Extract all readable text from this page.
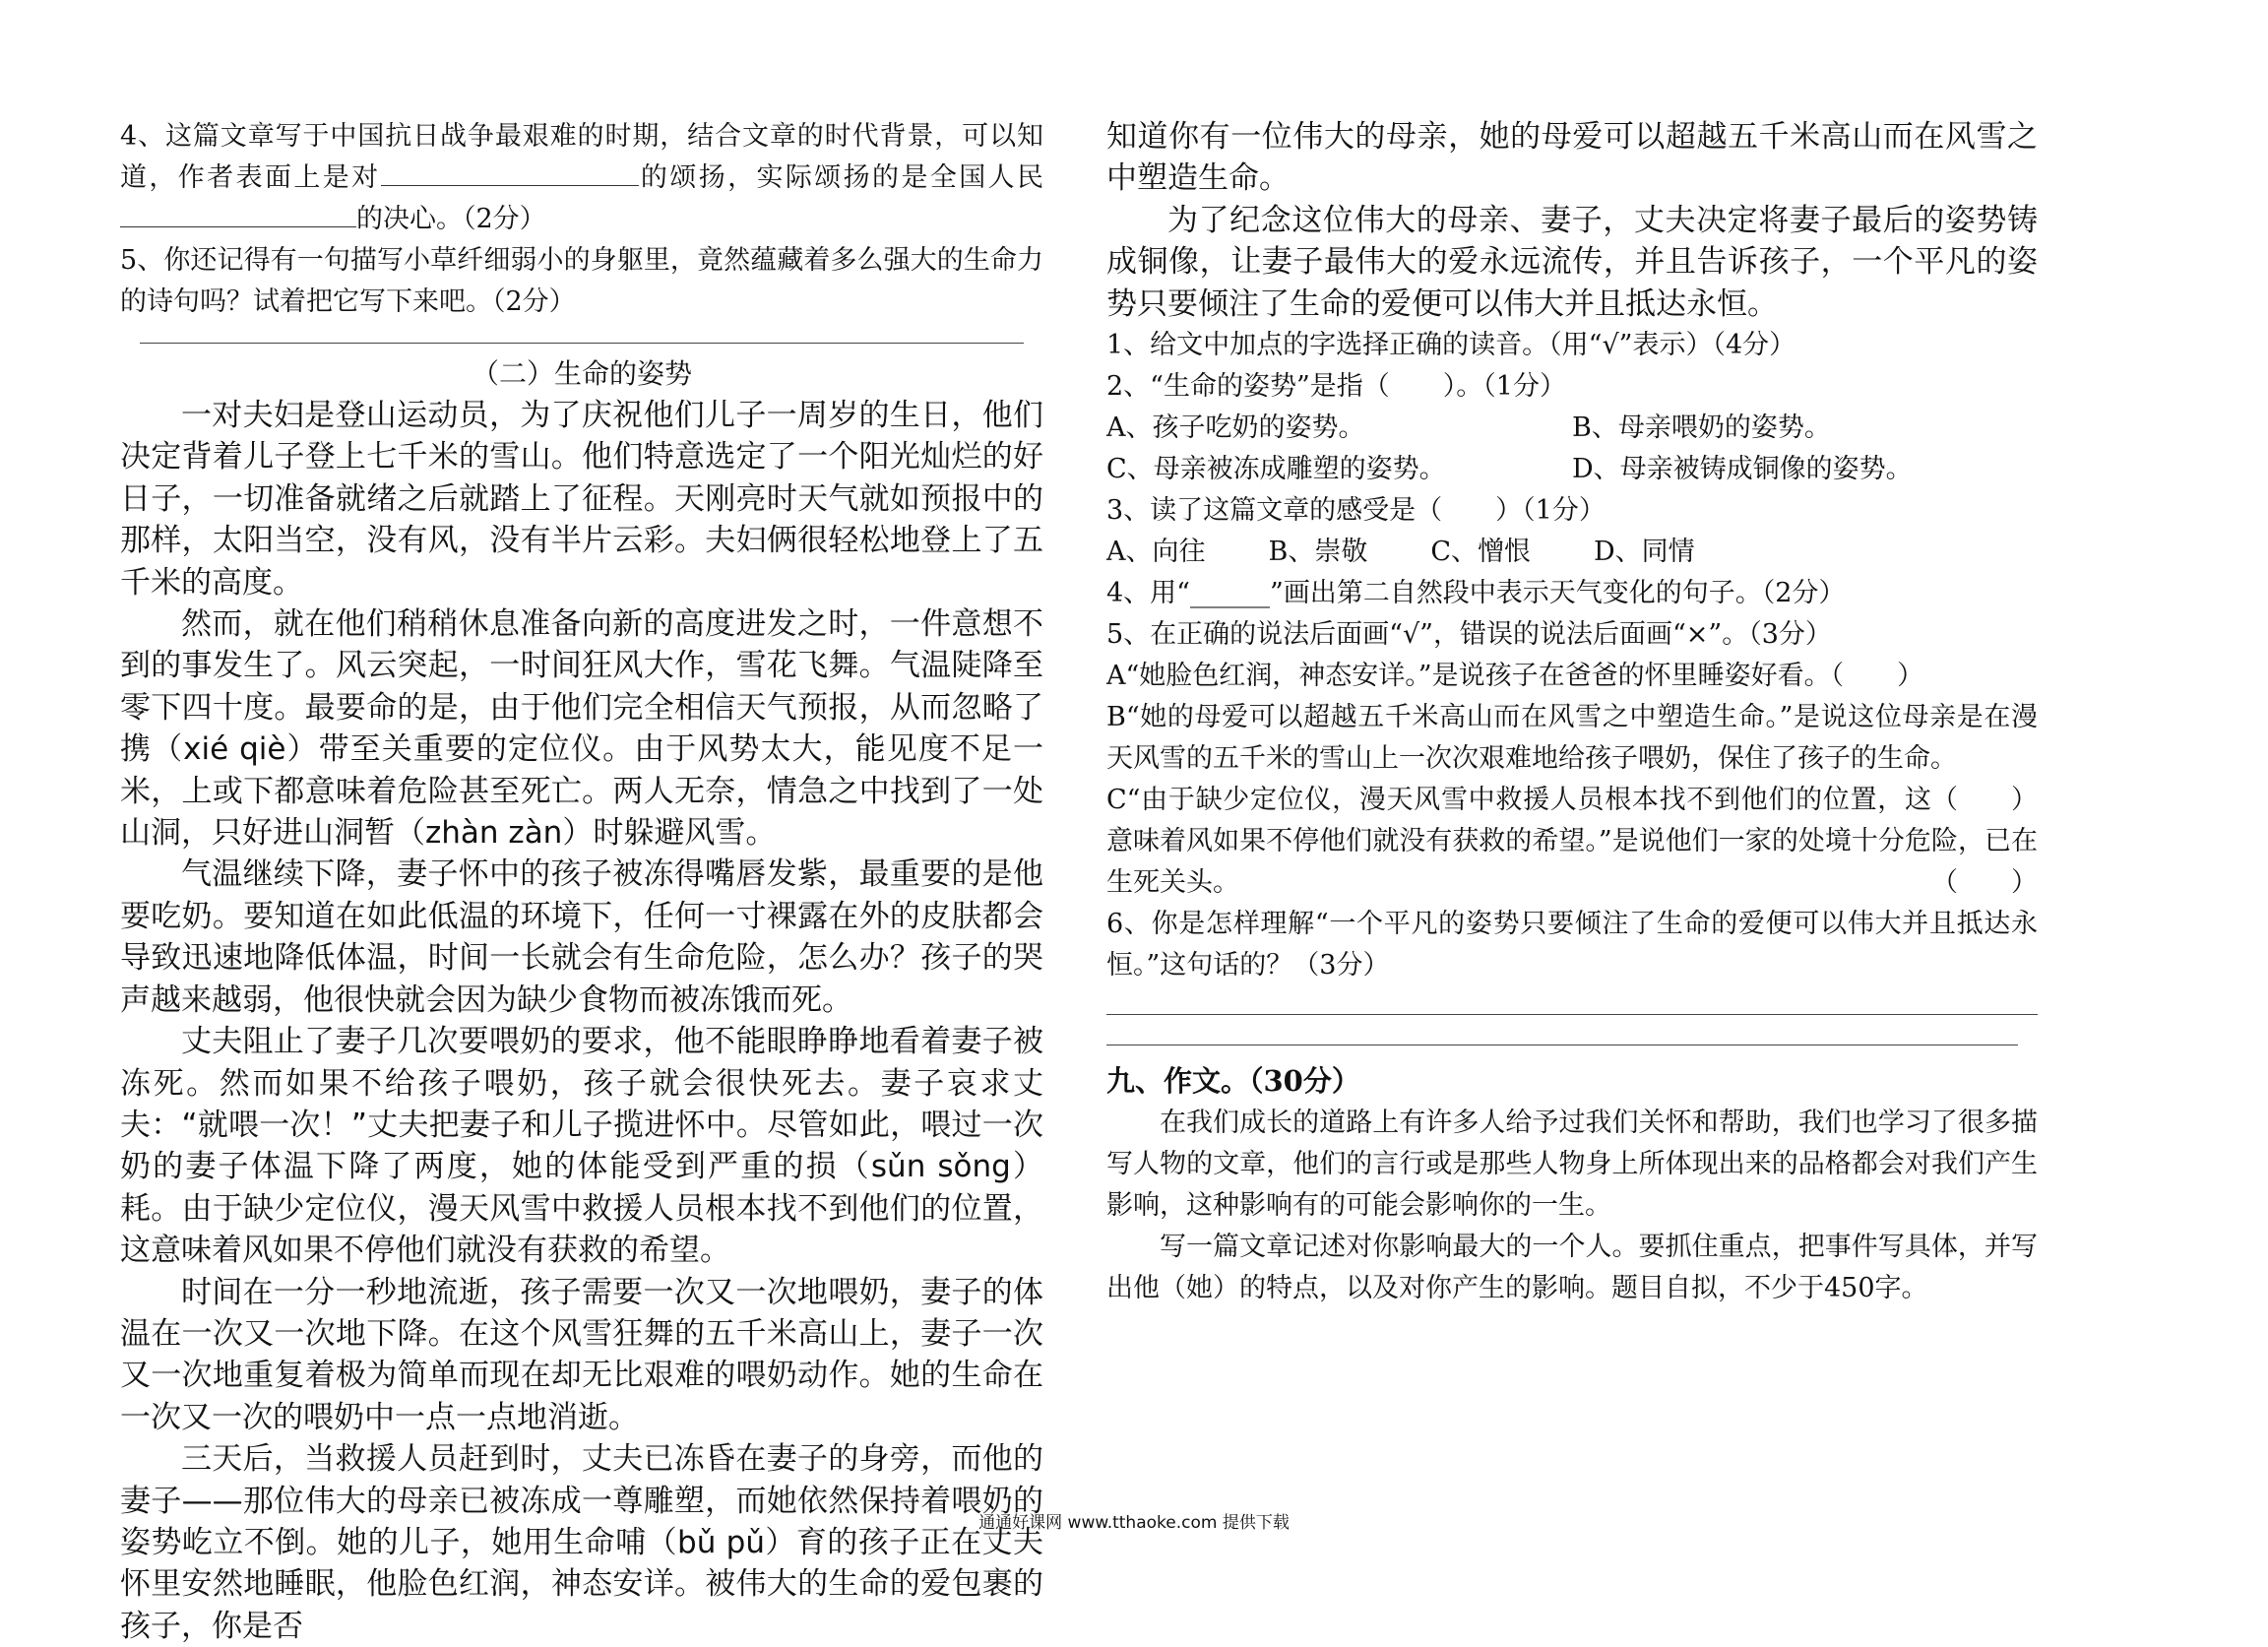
4、这篇文章写于中国抗日战争最艰难的时期，结合文章的时代背景，可以知道，作者表面上是对	的颂扬，实际颂扬的是全国人民的决心。（2分）

5、你还记得有一句描写小草纤细弱小的身躯里，竟然蕴藏着多么强大的生命力的诗句吗？试着把它写下来吧。（2分）

（二）生命的姿势

一对夫妇是登山运动员，为了庆祝他们儿子一周岁的生日，他们决定背着儿子登上七千米的雪山。他们特意选定了一个阳光灿烂的好日子，一切准备就绪之后就踏上了征程。天刚亮时天气就如预报中的那样，太阳当空，没有风，没有半片云彩。夫妇俩很轻松地登上了五千米的高度。

然而，就在他们稍稍休息准备向新的高度进发之时，一件意想不到的事发生了。风云突起，一时间狂风大作，雪花飞舞。气温陡降至零下四十度。最要命的是，由于他们完全相信天气预报，从而忽略了携（xié qiè）带至关重要的定位仪。由于风势太大，能见度不足一米，上或下都意味着危险甚至死亡。两人无奈，情急之中找到了一处山洞，只好进山洞暂（zhàn zàn）时躲避风雪。

气温继续下降，妻子怀中的孩子被冻得嘴唇发紫，最重要的是他要吃奶。要知道在如此低温的环境下，任何一寸裸露在外的皮肤都会导致迅速地降低体温，时间一长就会有生命危险，怎么办？孩子的哭声越来越弱，他很快就会因为缺少食物而被冻饿而死。

丈夫阻止了妻子几次要喂奶的要求，他不能眼睁睁地看着妻子被冻死。然而如果不给孩子喂奶，孩子就会很快死去。妻子哀求丈夫：“就喂一次！”丈夫把妻子和儿子揽进怀中。尽管如此，喂过一次奶的妻子体温下降了两度，她的体能受到严重的损（sǔn sǒng）耗。由于缺少定位仪，漫天风雪中救援人员根本找不到他们的位置，这意味着风如果不停他们就没有获救的希望。

时间在一分一秒地流逝，孩子需要一次又一次地喂奶，妻子的体温在一次又一次地下降。在这个风雪狂舞的五千米高山上，妻子一次又一次地重复着极为简单而现在却无比艰难的喂奶动作。她的生命在一次又一次的喂奶中一点一点地消逝。

三天后，当救援人员赶到时，丈夫已冻昏在妻子的身旁，而他的妻子——那位伟大的母亲已被冻成一尊雕塑，而她依然保持着喂奶的姿势屹立不倒。她的儿子，她用生命哺（bǔ pǔ）育的孩子正在丈夫怀里安然地睡眠，他脸色红润，神态安详。被伟大的生命的爱包裹的孩子，你是否

知道你有一位伟大的母亲，她的母爱可以超越五千米高山而在风雪之中塑造生命。

为了纪念这位伟大的母亲、妻子，丈夫决定将妻子最后的姿势铸成铜像，让妻子最伟大的爱永远流传，并且告诉孩子，一个平凡的姿势只要倾注了生命的爱便可以伟大并且抵达永恒。

1、给文中加点的字选择正确的读音。（用“√”表示）（4分）

2、“生命的姿势”是指（　　）。（1分）

A、孩子吃奶的姿势。	B、母亲喂奶的姿势。
C、母亲被冻成雕塑的姿势。	D、母亲被铸成铜像的姿势。

3、读了这篇文章的感受是（　　）（1分）

A、向往 B、崇敬 C、憎恨 D、同情

4、用“______”画出第二自然段中表示天气变化的句子。（2分）

5、在正确的说法后面画“√”，错误的说法后面画“×”。（3分）

A“她脸色红润，神态安详。”是说孩子在爸爸的怀里睡姿好看。（　　）

B“她的母爱可以超越五千米高山而在风雪之中塑造生命。”是说这位母亲是在漫天风雪的五千米的雪山上一次次艰难地给孩子喂奶，保住了孩子的生命。
（　　）

C“由于缺少定位仪，漫天风雪中救援人员根本找不到他们的位置，这意味着风如果不停他们就没有获救的希望。”是说他们一家的处境十分危险，已在生死关头。	（　　）

6、你是怎样理解“一个平凡的姿势只要倾注了生命的爱便可以伟大并且抵达永恒。”这句话的？（3分）

九、作文。（30分）

在我们成长的道路上有许多人给予过我们关怀和帮助，我们也学习了很多描写人物的文章，他们的言行或是那些人物身上所体现出来的品格都会对我们产生影响，这种影响有的可能会影响你的一生。

写一篇文章记述对你影响最大的一个人。要抓住重点，把事件写具体，并写出他（她）的特点，以及对你产生的影响。题目自拟，不少于450字。

通通好课网 www.tthaoke.com 提供下载
